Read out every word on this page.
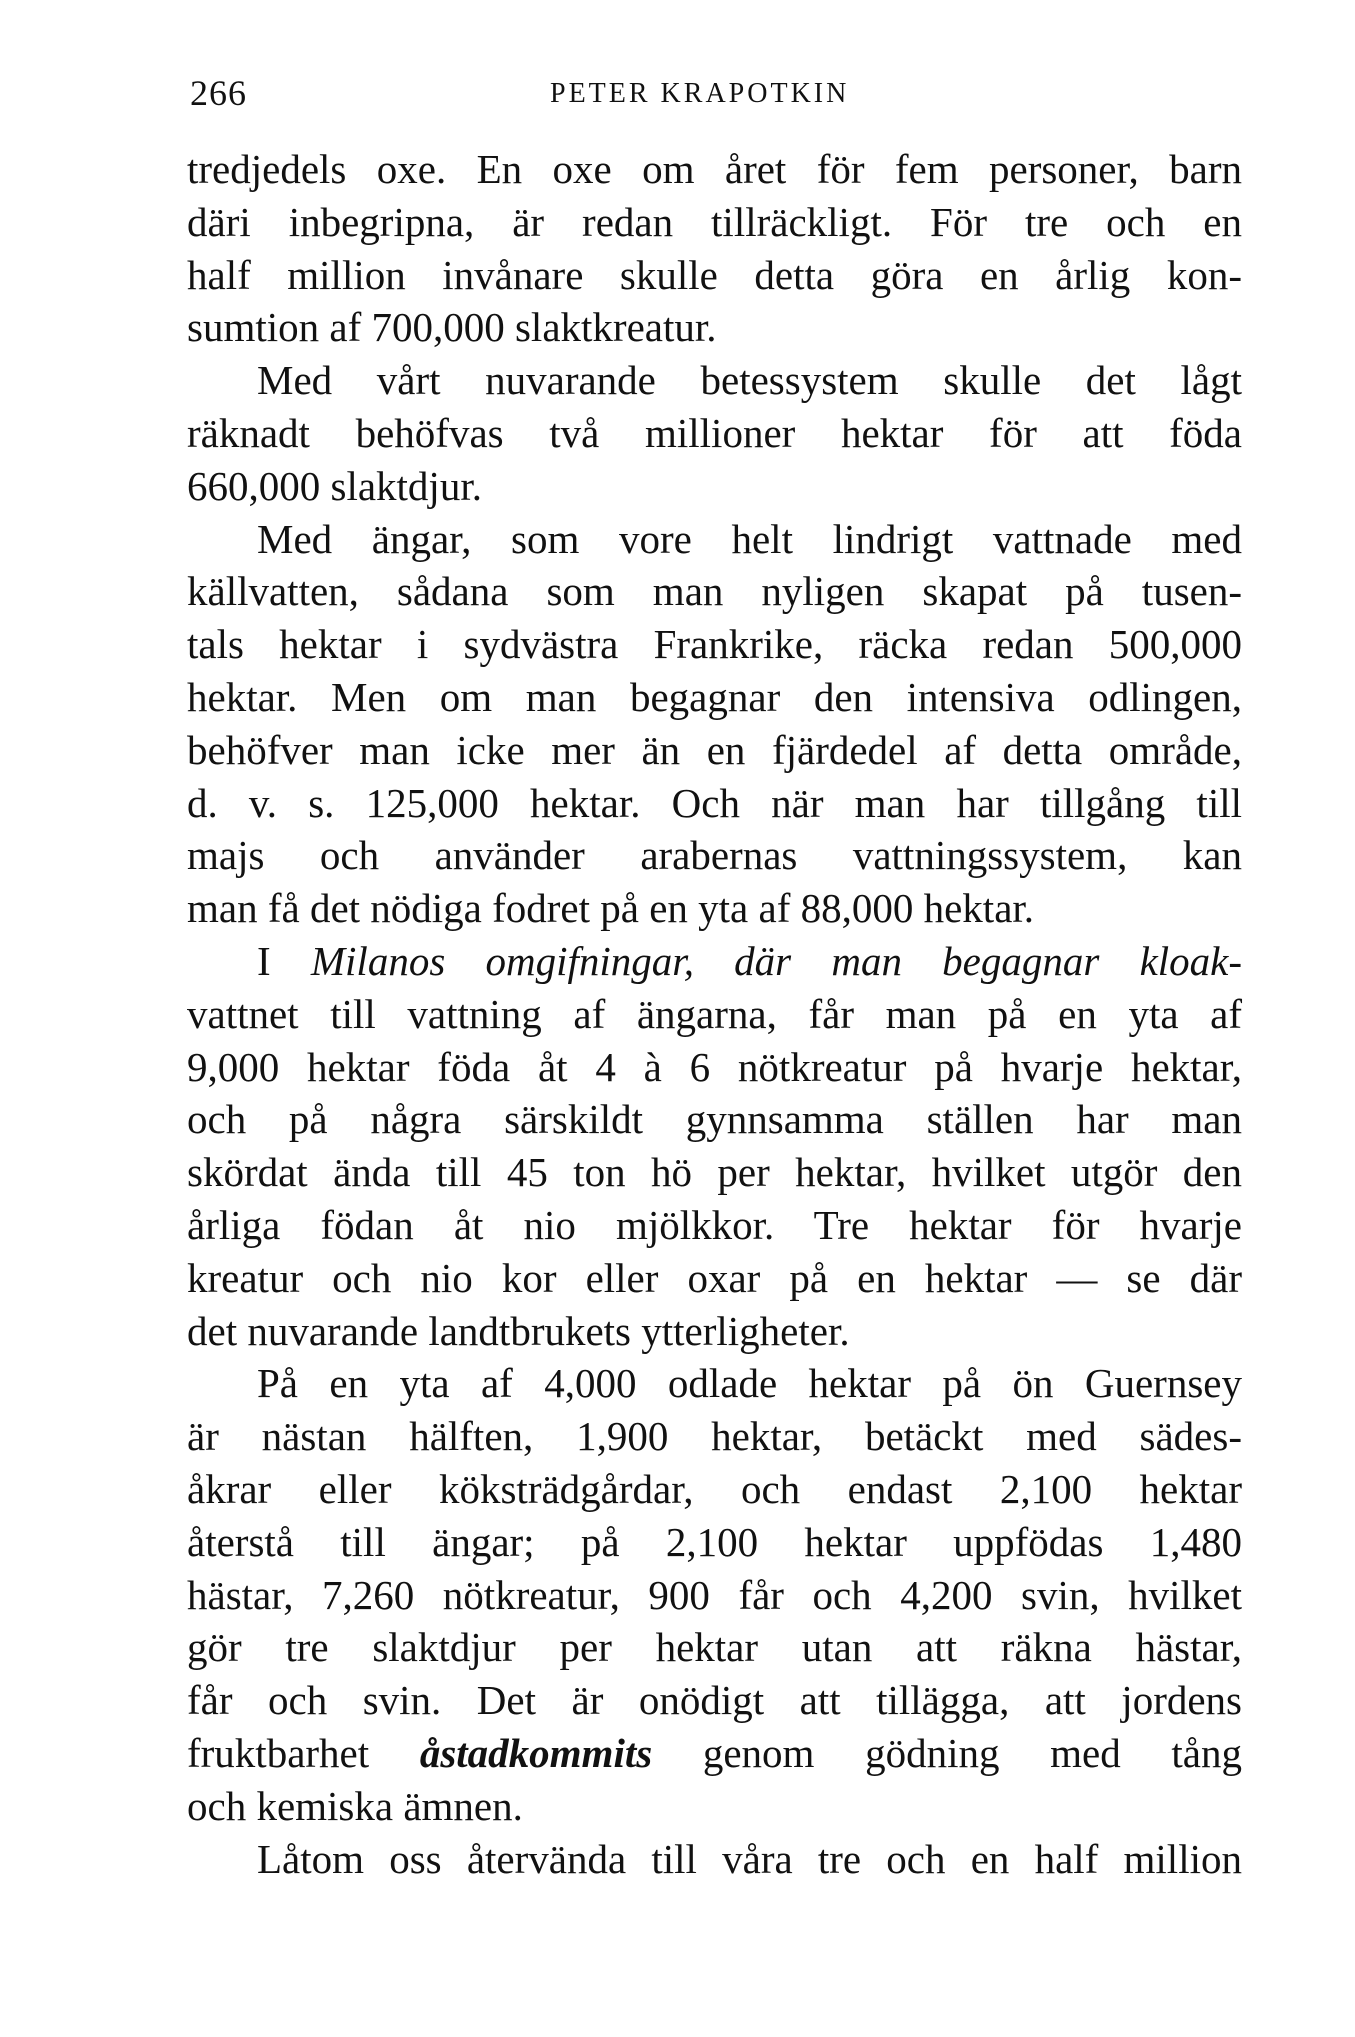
266	PETER KRAPOTKIN
tredjedels oxe. En oxe om året för fem personer, barn
däri inbegripna, är redan tillräckligt. För tre och en
half million invånare skulle detta göra en årlig kon-
sumtion af 700,000 slaktkreatur.
Med vårt nuvarande betessystem skulle det lågt
räknadt behöfvas två millioner hektar för att föda
660,000 slaktdjur.
Med ängar, som vore helt lindrigt vattnade med
källvatten, sådana som man nyligen skapat på tusen-
tals hektar i sydvästra Frankrike, räcka redan 500,000
hektar. Men om man begagnar den intensiva odlingen,
behöfver man icke mer än en fjärdedel af detta område,
d. v. s. 125,000 hektar. Och när man har tillgång till
majs och använder arabernas vattningssystem, kan
man få det nödiga fodret på en yta af 88,000 hektar.
I Milanos omgifningar, där man begagnar kloak-
vattnet till vattning af ängarna, får man på en yta af
9,000 hektar föda åt 4 à 6 nötkreatur på hvarje hektar,
och på några särskildt gynnsamma ställen har man
skördat ända till 45 ton hö per hektar, hvilket utgör den
årliga födan åt nio mjölkkor. Tre hektar för hvarje
kreatur och nio kor eller oxar på en hektar — se där
det nuvarande landtbrukets ytterligheter.
På en yta af 4,000 odlade hektar på ön Guernsey
är nästan hälften, 1,900 hektar, betäckt med sädes-
åkrar eller köksträdgårdar, och endast 2,100 hektar
återstå till ängar; på 2,100 hektar uppfödas 1,480
hästar, 7,260 nötkreatur, 900 får och 4,200 svin, hvilket
gör tre slaktdjur per hektar utan att räkna hästar,
får och svin. Det är onödigt att tillägga, att jordens
fruktbarhet åstadkommits genom gödning med tång
och kemiska ämnen.
Låtom oss återvända till våra tre och en half million
